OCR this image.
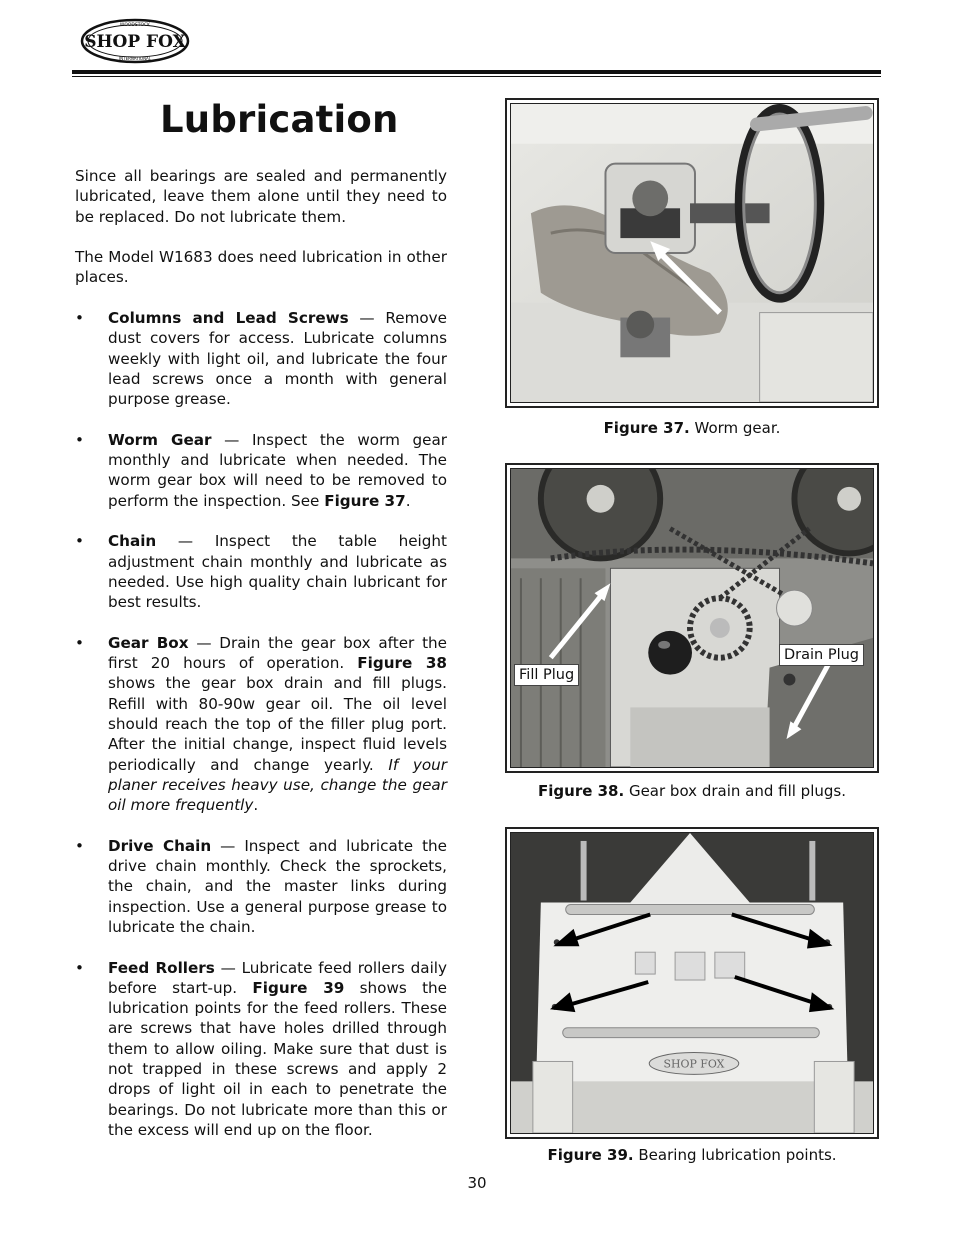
SHOP FOX
WOODSTOCK
INTERNATIONAL
Lubrication

Since all bearings are sealed and permanently lubricated, leave them alone until they need to be replaced. Do not lubricate them.

The Model W1683 does need lubrication in other places.

• Columns and Lead Screws — Remove dust covers for access. Lubricate columns weekly with light oil, and lubricate the four lead screws once a month with general purpose grease.
• Worm Gear — Inspect the worm gear monthly and lubricate when needed. The worm gear box will need to be removed to perform the inspection. See Figure 37.
• Chain — Inspect the table height adjustment chain monthly and lubricate as needed. Use high quality chain lubricant for best results.
• Gear Box — Drain the gear box after the first 20 hours of operation. Figure 38 shows the gear box drain and fill plugs. Refill with 80-90w gear oil. The oil level should reach the top of the filler plug port. After the initial change, inspect fluid levels periodically and change yearly. If your planer receives heavy use, change the gear oil more frequently.
• Drive Chain — Inspect and lubricate the drive chain monthly. Check the sprockets, the chain, and the master links during inspection. Use a general purpose grease to lubricate the chain.
• Feed Rollers — Lubricate feed rollers daily before start-up. Figure 39 shows the lubrication points for the feed rollers. These are screws that have holes drilled through them to allow oiling. Make sure that dust is not trapped in these screws and apply 2 drops of light oil in each to penetrate the bearings. Do not lubricate more than this or the excess will end up on the floor.
Figure 37. Worm gear.
Fill Plug
Drain Plug
Figure 38. Gear box drain and fill plugs.
SHOP FOX
Figure 39. Bearing lubrication points.
30
